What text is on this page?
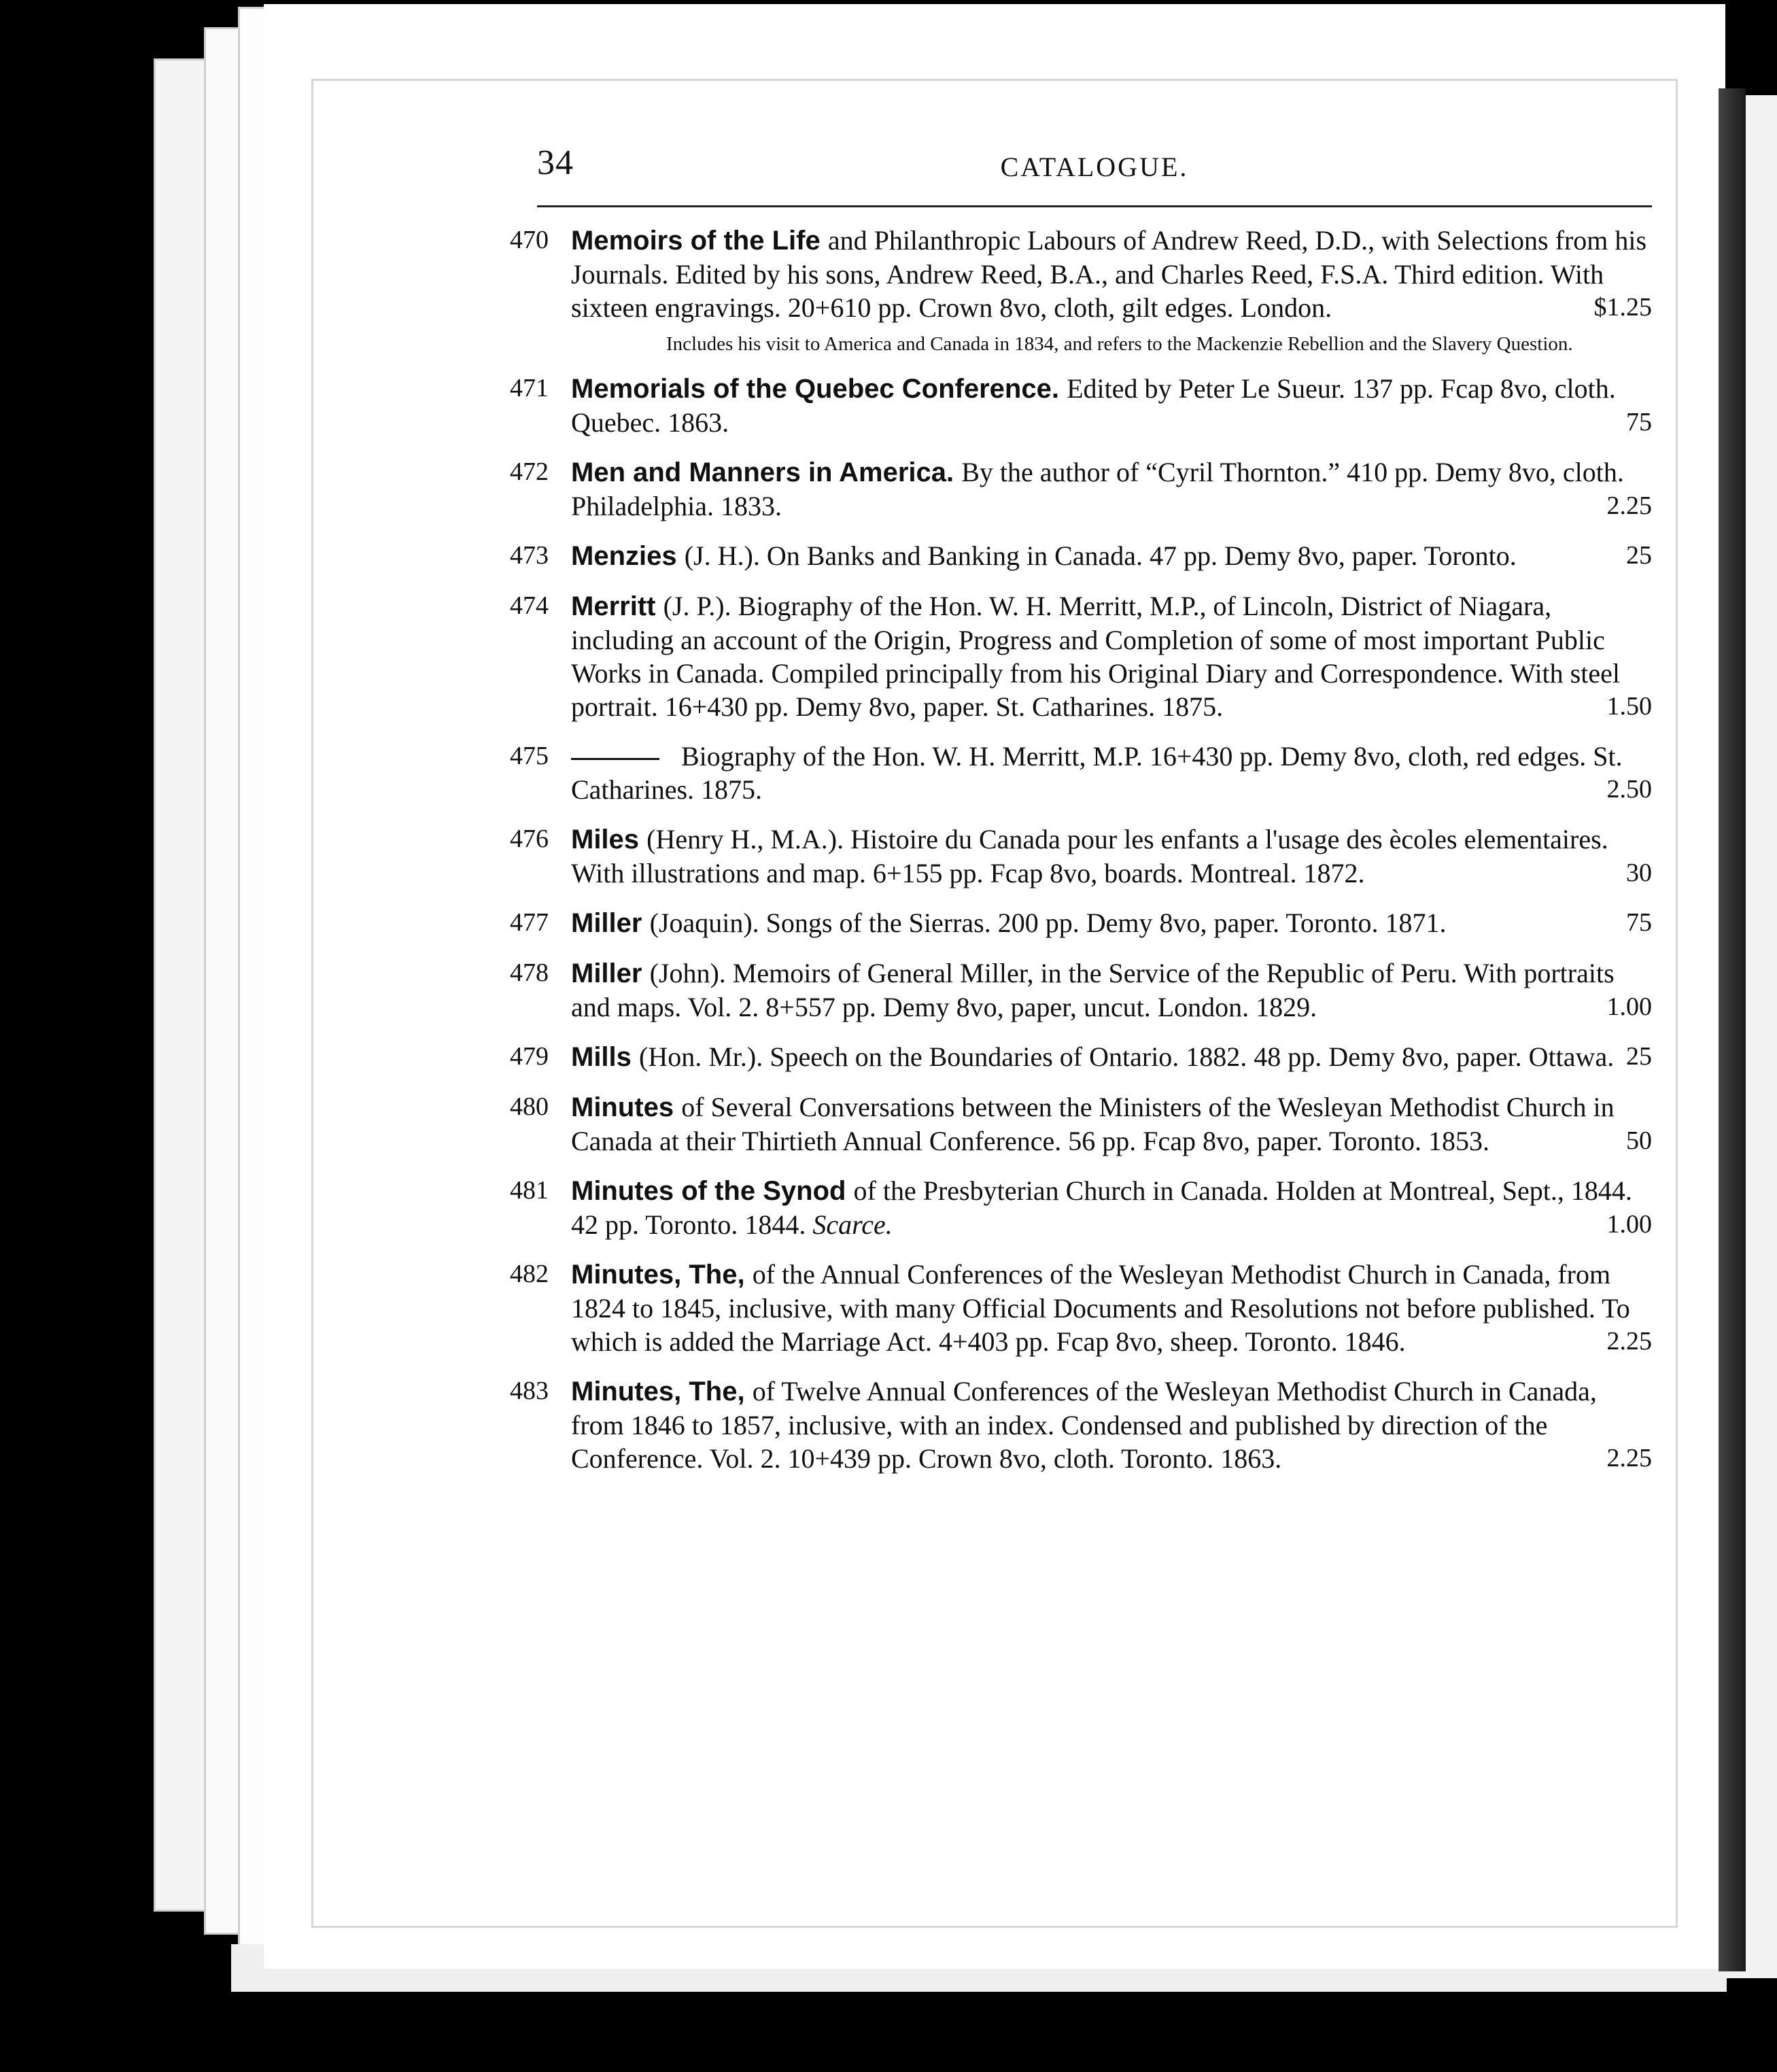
34	CATALOGUE.
470 Memoirs of the Life and Philanthropic Labours of Andrew Reed, D.D., with Selections from his Journals. Edited by his sons, Andrew Reed, B.A., and Charles Reed, F.S.A. Third edition. With sixteen engravings. 20+610 pp. Crown 8vo, cloth, gilt edges. London.	$1.25
Includes his visit to America and Canada in 1834, and refers to the Mackenzie Rebellion and the Slavery Question.
471 Memorials of the Quebec Conference. Edited by Peter Le Sueur. 137 pp. Fcap 8vo, cloth. Quebec. 1863.	75
472 Men and Manners in America. By the author of “Cyril Thornton.” 410 pp. Demy 8vo, cloth. Philadelphia. 1833.	2.25
473 Menzies (J. H.). On Banks and Banking in Canada. 47 pp. Demy 8vo, paper. Toronto.	25
474 Merritt (J. P.). Biography of the Hon. W. H. Merritt, M.P., of Lincoln, District of Niagara, including an account of the Origin, Progress and Completion of some of most important Public Works in Canada. Compiled principally from his Original Diary and Correspondence. With steel portrait. 16+430 pp. Demy 8vo, paper. St. Catharines. 1875.	1.50
475	Biography of the Hon. W. H. Merritt, M.P. 16+430 pp. Demy 8vo, cloth, red edges. St. Catharines. 1875.	2.50
476 Miles (Henry H., M.A.). Histoire du Canada pour les enfants a l'usage des ècoles elementaires. With illustrations and map. 6+155 pp. Fcap 8vo, boards. Montreal. 1872.	30
477 Miller (Joaquin). Songs of the Sierras. 200 pp. Demy 8vo, paper. Toronto. 1871.	75
478 Miller (John). Memoirs of General Miller, in the Service of the Republic of Peru. With portraits and maps. Vol. 2. 8+557 pp. Demy 8vo, paper, uncut. London. 1829.	1.00
479 Mills (Hon. Mr.). Speech on the Boundaries of Ontario. 1882. 48 pp. Demy 8vo, paper. Ottawa. 25
480 Minutes of Several Conversations between the Ministers of the Wesleyan Methodist Church in Canada at their Thirtieth Annual Conference. 56 pp. Fcap 8vo, paper. Toronto. 1853.	50
481 Minutes of the Synod of the Presbyterian Church in Canada. Holden at Montreal, Sept., 1844. 42 pp. Toronto. 1844. Scarce.	1.00
482 Minutes, The, of the Annual Conferences of the Wesleyan Methodist Church in Canada, from 1824 to 1845, inclusive, with many Official Documents and Resolutions not before published. To which is added the Marriage Act. 4+403 pp. Fcap 8vo, sheep. Toronto. 1846.	2.25
483 Minutes, The, of Twelve Annual Conferences of the Wesleyan Methodist Church in Canada, from 1846 to 1857, inclusive, with an index. Condensed and published by direction of the Conference. Vol. 2. 10+439 pp. Crown 8vo, cloth. Toronto. 1863.	2.25
